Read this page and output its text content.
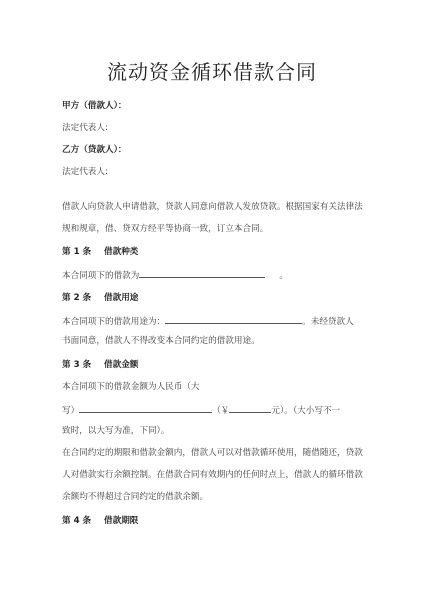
流动资金循环借款合同
甲方（借款人）：
法定代表人:
乙方（贷款人）：
法定代表人:
借款人向贷款人申请借款，贷款人同意向借款人发放贷款。根据国家有关法律法
规和规章，借、贷双方经平等协商一致，订立本合同。
第 1 条 借款种类
本合同项下的借款为	。
第 2 条 借款用途
本合同项下的借款用途为：	。未经贷款人
书面同意，借款人不得改变本合同约定的借款用途。
第 3 条 借款金额
本合同项下的借款金额为人民币（大
写）	（￥	元）。（大小写不一
致时，以大写为准，下同）。
在合同约定的期限和借款金额内，借款人可以对借款循环使用，随借随还，贷款
人对借款实行余额控制。在借款合同有效期内的任何时点上，借款人的循环借款
余额均不得超过合同约定的借款余额。
第 4 条 借款期限
